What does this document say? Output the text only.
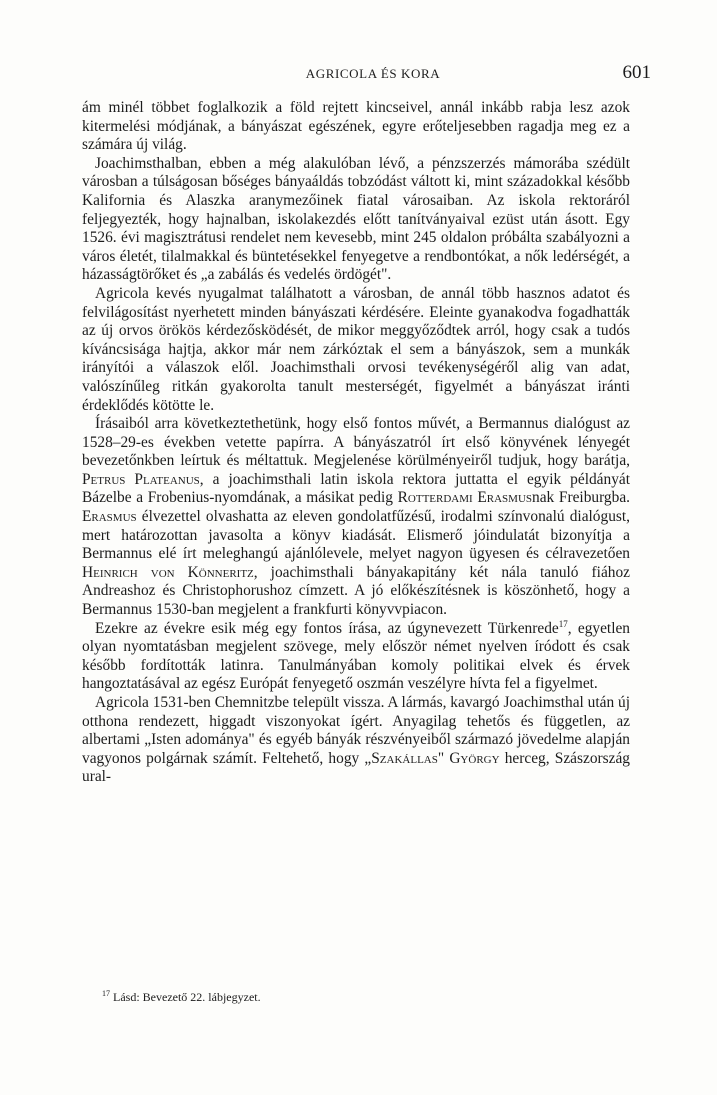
AGRICOLA ÉS KORA	601

ám minél többet foglalkozik a föld rejtett kincseivel, annál inkább rabja lesz azok kitermelési módjának, a bányászat egészének, egyre erőteljesebben ragadja meg ez a számára új világ.

Joachimsthalban, ebben a még alakulóban lévő, a pénzszerzés mámorába szédült városban a túlságosan bőséges bányaáldás tobzódást váltott ki, mint századokkal később Kalifornia és Alaszka aranymezőinek fiatal városaiban. Az iskola rektoráról feljegyezték, hogy hajnalban, iskolakezdés előtt tanítványaival ezüst után ásott. Egy 1526. évi magisztrátusi rendelet nem kevesebb, mint 245 oldalon próbálta szabályozni a város életét, tilalmakkal és büntetésekkel fenyegetve a rendbontókat, a nők ledérségét, a házasságtörőket és „a zabálás és vedelés ördögét".

Agricola kevés nyugalmat találhatott a városban, de annál több hasznos adatot és felvilágosítást nyerhetett minden bányászati kérdésére. Eleinte gyanakodva fogadhatták az új orvos örökös kérdezősködését, de mikor meggyőződtek arról, hogy csak a tudós kíváncsisága hajtja, akkor már nem zárkóztak el sem a bányászok, sem a munkák irányítói a válaszok elől. Joachimsthali orvosi tevékenységéről alig van adat, valószínűleg ritkán gyakorolta tanult mesterségét, figyelmét a bányászat iránti érdeklődés kötötte le.

Írásaiból arra következtethetünk, hogy első fontos művét, a Bermannus dialógust az 1528–29-es években vetette papírra. A bányászatról írt első könyvének lényegét bevezetőnkben leírtuk és méltattuk. Megjelenése körülményeiről tudjuk, hogy barátja, Petrus Plateanus, a joachimsthali latin iskola rektora juttatta el egyik példányát Bázelbe a Frobenius-nyomdának, a másikat pedig Rotterdami Erasmusnak Freiburgba. Erasmus élvezettel olvashatta az eleven gondolatfűzésű, irodalmi színvonalú dialógust, mert határozottan javasolta a könyv kiadását. Elismerő jóindulatát bizonyítja a Bermannus elé írt meleghangú ajánlólevele, melyet nagyon ügyesen és célravezetően Heinrich von Könneritz, joachimsthali bányakapitány két nála tanuló fiához Andreashoz és Christophorushoz címzett. A jó előkészítésnek is köszönhető, hogy a Bermannus 1530-ban megjelent a frankfurti könyvvpiacon.

Ezekre az évekre esik még egy fontos írása, az úgynevezett Türkenrede$^{17}$, egyetlen olyan nyomtatásban megjelent szövege, mely először német nyelven íródott és csak később fordították latinra. Tanulmányában komoly politikai elvek és érvek hangoztatásával az egész Európát fenyegető oszmán veszélyre hívta fel a figyelmet.

Agricola 1531-ben Chemnitzbe települt vissza. A lármás, kavargó Joachimsthal után új otthona rendezett, higgadt viszonyokat ígért. Anyagilag tehetős és független, az albertami „Isten adománya" és egyéb bányák részvényeiből származó jövedelme alapján vagyonos polgárnak számít. Feltehető, hogy „Szakállas" György herceg, Szászország ural-

$^{17}$ Lásd: Bevezető 22. lábjegyzet.
